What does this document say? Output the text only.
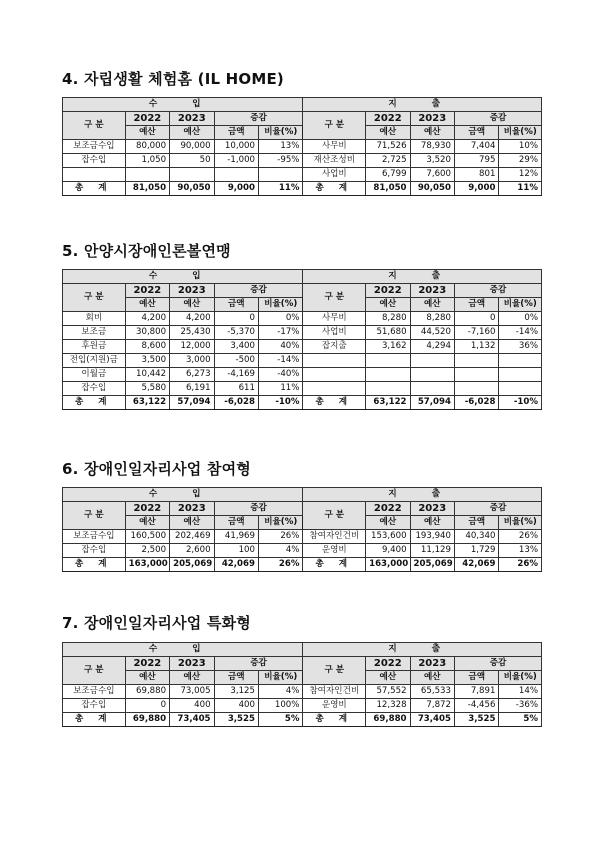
4. 자립생활 체험홈 (IL HOME)
수 입					지 출				
구 분	2022	2023	증감		구 분	2022	2023	증감	
	예산	예산	금액	비율(%)		예산	예산	금액	비율(%)
보조금수입	80,000	90,000	10,000	13%	사무비	71,526	78,930	7,404	10%
잡수입	1,050	50	-1,000	-95%	재산조성비	2,725	3,520	795	29%
					사업비	6,799	7,600	801	12%
총 계	81,050	90,050	9,000	11%	총 계	81,050	90,050	9,000	11%
5. 안양시장애인론볼연맹
수 입					지 출				
구 분	2022	2023	증감		구 분	2022	2023	증감	
	예산	예산	금액	비율(%)		예산	예산	금액	비율(%)
회비	4,200	4,200	0	0%	사무비	8,280	8,280	0	0%
보조금	30,800	25,430	-5,370	-17%	사업비	51,680	44,520	-7,160	-14%
후원금	8,600	12,000	3,400	40%	잡지출	3,162	4,294	1,132	36%
전입(지원)금	3,500	3,000	-500	-14%					
이월금	10,442	6,273	-4,169	-40%					
잡수입	5,580	6,191	611	11%					
총 계	63,122	57,094	-6,028	-10%	총 계	63,122	57,094	-6,028	-10%
6. 장애인일자리사업 참여형
수 입					지 출				
구 분	2022	2023	증감		구 분	2022	2023	증감	
	예산	예산	금액	비율(%)		예산	예산	금액	비율(%)
보조금수입	160,500	202,469	41,969	26%	참여자인건비	153,600	193,940	40,340	26%
잡수입	2,500	2,600	100	4%	운영비	9,400	11,129	1,729	13%
총 계	163,000	205,069	42,069	26%	총 계	163,000	205,069	42,069	26%
7. 장애인일자리사업 특화형
수 입					지 출				
구 분	2022	2023	증감		구 분	2022	2023	증감	
	예산	예산	금액	비율(%)		예산	예산	금액	비율(%)
보조금수입	69,880	73,005	3,125	4%	참여자인건비	57,552	65,533	7,891	14%
잡수입	0	400	400	100%	운영비	12,328	7,872	-4,456	-36%
총 계	69,880	73,405	3,525	5%	총 계	69,880	73,405	3,525	5%
